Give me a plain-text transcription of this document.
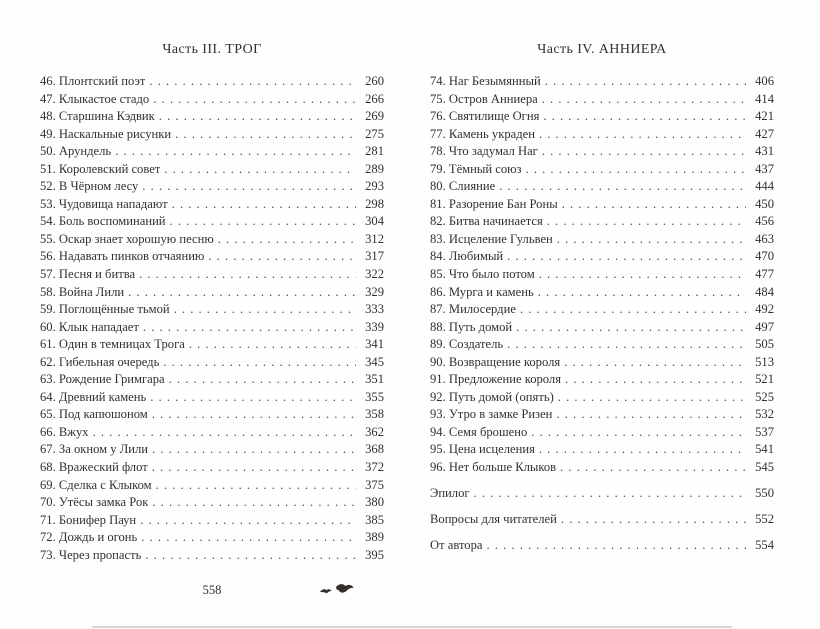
Часть III. ТРОГ
46. Плонтский поэт . . .	260
47. Клыкастое стадо . . .	266
48. Старшина Кэдвик . . .	269
49. Наскальные рисунки . . .	275
50. Арундель . . .	281
51. Королевский совет . . .	289
52. В Чёрном лесу . . .	293
53. Чудовища нападают . . .	298
54. Боль воспоминаний . . .	304
55. Оскар знает хорошую песню . . .	312
56. Надавать пинков отчаянию . . .	317
57. Песня и битва . . .	322
58. Война Лили . . .	329
59. Поглощённые тьмой . . .	333
60. Клык нападает . . .	339
61. Один в темницах Трога . . .	341
62. Гибельная очередь . . .	345
63. Рождение Гримгара . . .	351
64. Древний камень . . .	355
65. Под капюшоном . . .	358
66. Вжух . . .	362
67. За окном у Лили . . .	368
68. Вражеский флот . . .	372
69. Сделка с Клыком . . .	375
70. Утёсы замка Рок . . .	380
71. Бонифер Паун . . .	385
72. Дождь и огонь . . .	389
73. Через пропасть . . .	395
558
Часть IV. АННИЕРА
74. Наг Безымянный . . .	406
75. Остров Анниера . . .	414
76. Святилище Огня . . .	421
77. Камень украден . . .	427
78. Что задумал Наг . . .	431
79. Тёмный союз . . .	437
80. Слияние . . .	444
81. Разорение Бан Роны . . .	450
82. Битва начинается . . .	456
83. Исцеление Гульвен . . .	463
84. Любимый . . .	470
85. Что было потом . . .	477
86. Мурга и камень . . .	484
87. Милосердие . . .	492
88. Путь домой . . .	497
89. Создатель . . .	505
90. Возвращение короля . . .	513
91. Предложение короля . . .	521
92. Путь домой (опять) . . .	525
93. Утро в замке Ризен . . .	532
94. Семя брошено . . .	537
95. Цена исцеления . . .	541
96. Нет больше Клыков . . .	545
Эпилог . . .	550
Вопросы для читателей . . .	552
От автора . . .	554
